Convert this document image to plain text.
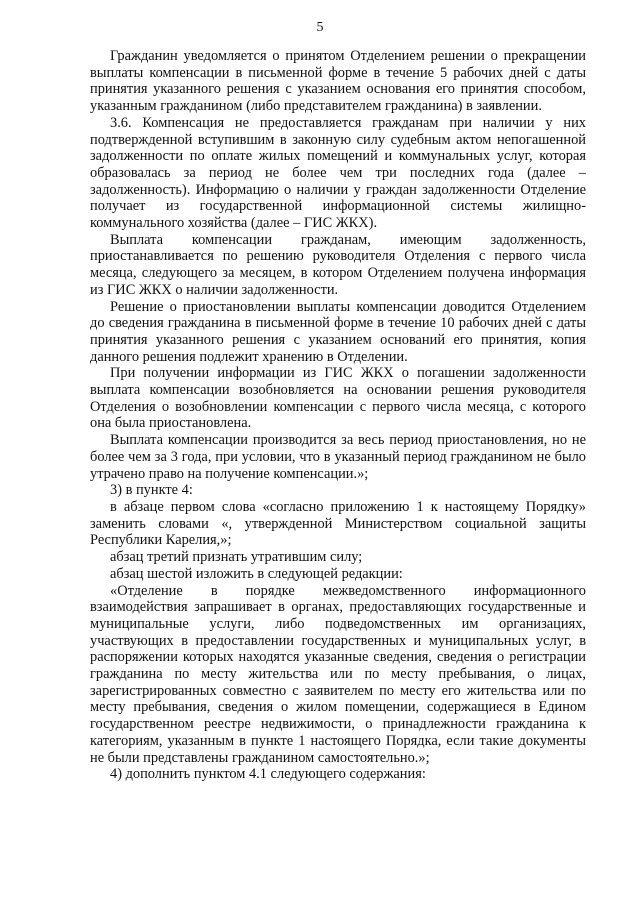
5

Гражданин уведомляется о принятом Отделением решении о прекращении выплаты компенсации в письменной форме в течение 5 рабочих дней с даты принятия указанного решения с указанием основания его принятия способом, указанным гражданином (либо представителем гражданина) в заявлении.

3.6. Компенсация не предоставляется гражданам при наличии у них подтвержденной вступившим в законную силу судебным актом непогашенной задолженности по оплате жилых помещений и коммунальных услуг, которая образовалась за период не более чем три последних года (далее – задолженность). Информацию о наличии у граждан задолженности Отделение получает из государственной информационной системы жилищно-коммунального хозяйства (далее – ГИС ЖКХ).

Выплата компенсации гражданам, имеющим задолженность, приостанавливается по решению руководителя Отделения с первого числа месяца, следующего за месяцем, в котором Отделением получена информация из ГИС ЖКХ о наличии задолженности.

Решение о приостановлении выплаты компенсации доводится Отделением до сведения гражданина в письменной форме в течение 10 рабочих дней с даты принятия указанного решения с указанием оснований его принятия, копия данного решения подлежит хранению в Отделении.

При получении информации из ГИС ЖКХ о погашении задолженности выплата компенсации возобновляется на основании решения руководителя Отделения о возобновлении компенсации с первого числа месяца, с которого она была приостановлена.

Выплата компенсации производится за весь период приостановления, но не более чем за 3 года, при условии, что в указанный период гражданином не было утрачено право на получение компенсации.»;

3) в пункте 4:

в абзаце первом слова «согласно приложению 1 к настоящему Порядку» заменить словами «, утвержденной Министерством социальной защиты Республики Карелия,»;

абзац третий признать утратившим силу;

абзац шестой изложить в следующей редакции:

«Отделение в порядке межведомственного информационного взаимодействия запрашивает в органах, предоставляющих государственные и муниципальные услуги, либо подведомственных им организациях, участвующих в предоставлении государственных и муниципальных услуг, в распоряжении которых находятся указанные сведения, сведения о регистрации гражданина по месту жительства или по месту пребывания, о лицах, зарегистрированных совместно с заявителем по месту его жительства или по месту пребывания, сведения о жилом помещении, содержащиеся в Едином государственном реестре недвижимости, о принадлежности гражданина к категориям, указанным в пункте 1 настоящего Порядка, если такие документы не были представлены гражданином самостоятельно.»;

4) дополнить пунктом 4.1 следующего содержания:
